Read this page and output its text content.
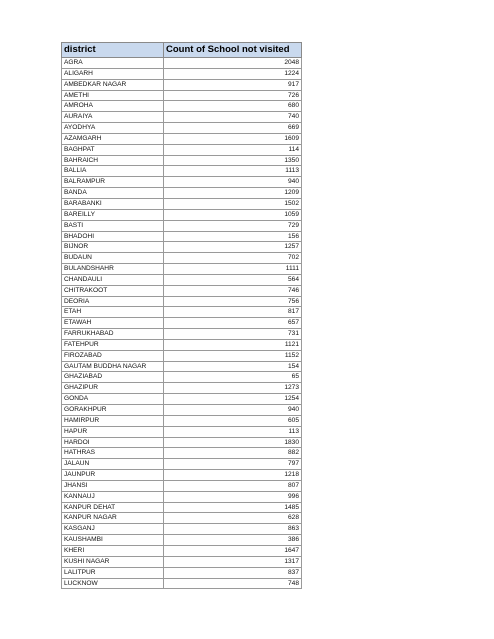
district	Count of School not visited
AGRA	2048
ALIGARH	1224
AMBEDKAR NAGAR	917
AMETHI	726
AMROHA	680
AURAIYA	740
AYODHYA	669
AZAMGARH	1609
BAGHPAT	114
BAHRAICH	1350
BALLIA	1113
BALRAMPUR	940
BANDA	1209
BARABANKI	1502
BAREILLY	1059
BASTI	729
BHADOHI	156
BIJNOR	1257
BUDAUN	702
BULANDSHAHR	1111
CHANDAULI	564
CHITRAKOOT	746
DEORIA	756
ETAH	817
ETAWAH	657
FARRUKHABAD	731
FATEHPUR	1121
FIROZABAD	1152
GAUTAM BUDDHA NAGAR	154
GHAZIABAD	65
GHAZIPUR	1273
GONDA	1254
GORAKHPUR	940
HAMIRPUR	605
HAPUR	113
HARDOI	1830
HATHRAS	882
JALAUN	797
JAUNPUR	1218
JHANSI	807
KANNAUJ	996
KANPUR DEHAT	1485
KANPUR NAGAR	628
KASGANJ	863
KAUSHAMBI	386
KHERI	1647
KUSHI NAGAR	1317
LALITPUR	837
LUCKNOW	748
